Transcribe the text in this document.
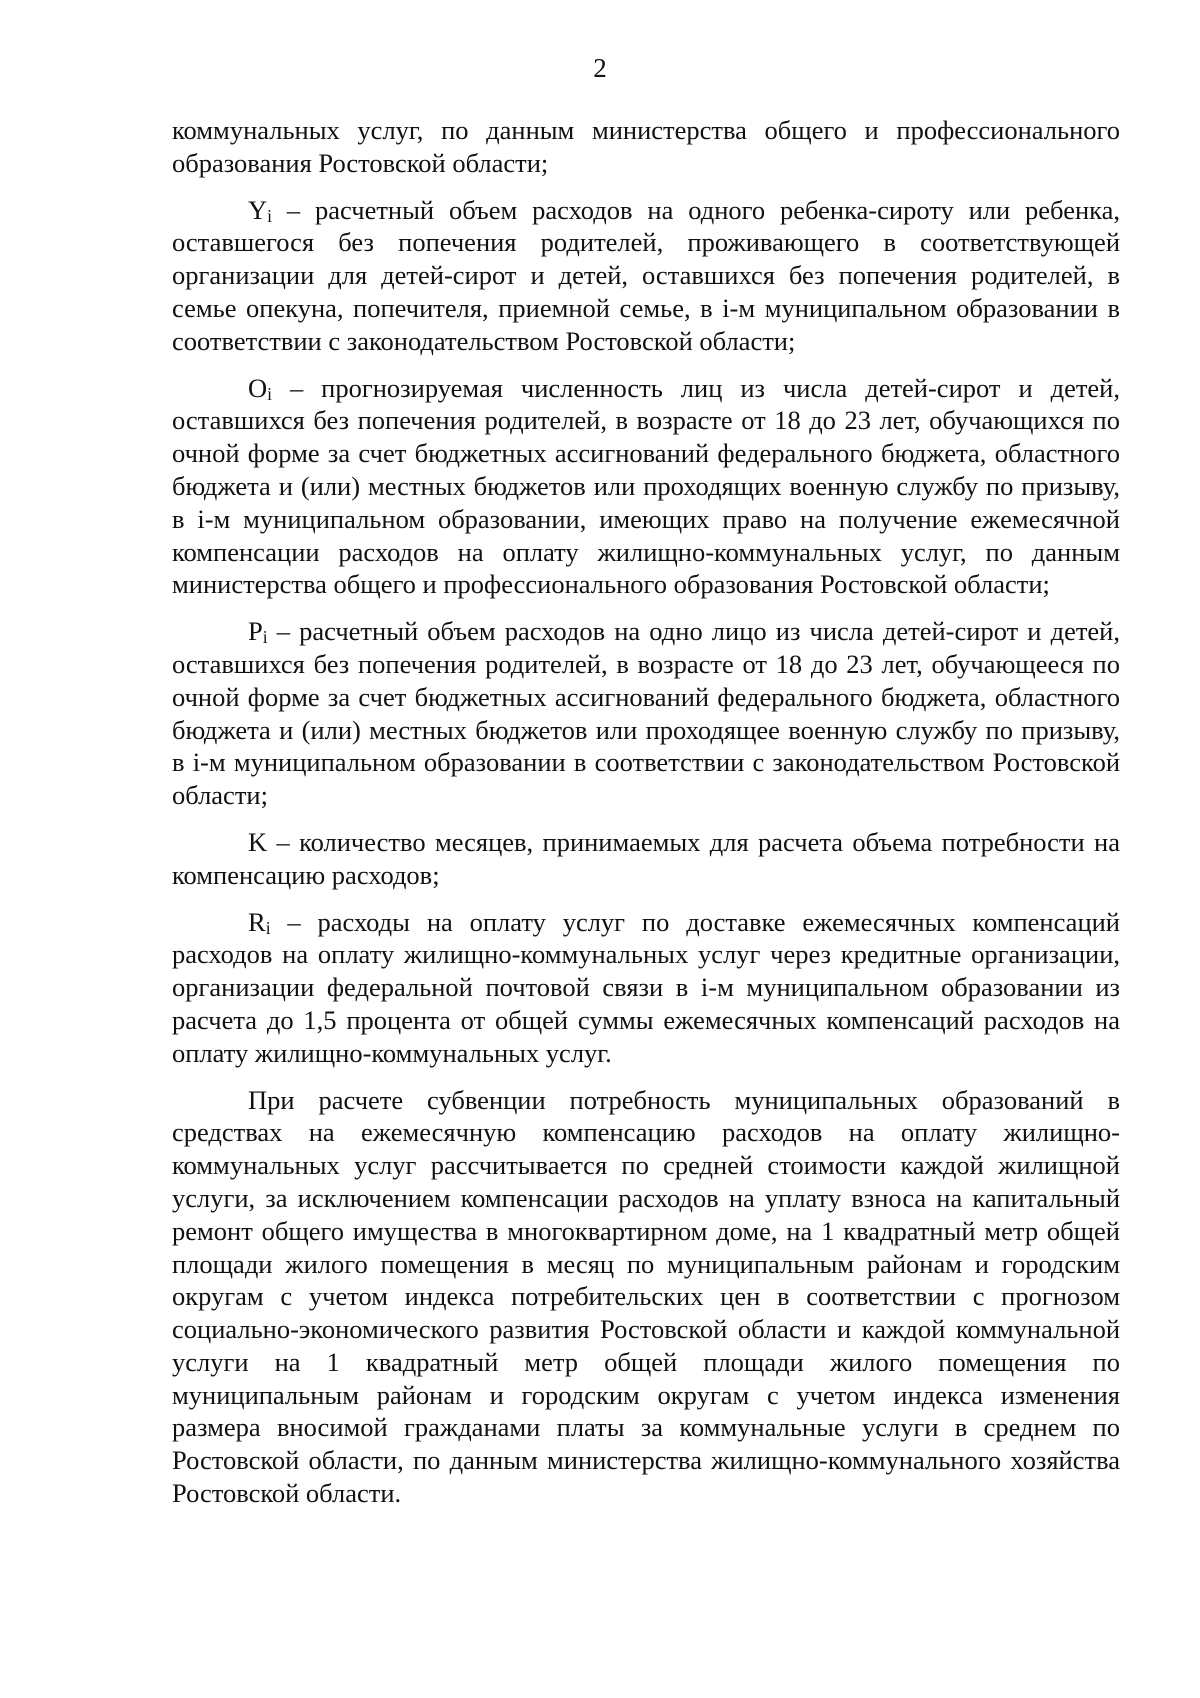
2

коммунальных услуг, по данным министерства общего и профессионального образования Ростовской области;

Yi – расчетный объем расходов на одного ребенка-сироту или ребенка, оставшегося без попечения родителей, проживающего в соответствующей организации для детей-сирот и детей, оставшихся без попечения родителей, в семье опекуна, попечителя, приемной семье, в i-м муниципальном образовании в соответствии с законодательством Ростовской области;

Oi – прогнозируемая численность лиц из числа детей-сирот и детей, оставшихся без попечения родителей, в возрасте от 18 до 23 лет, обучающихся по очной форме за счет бюджетных ассигнований федерального бюджета, областного бюджета и (или) местных бюджетов или проходящих военную службу по призыву, в i-м муниципальном образовании, имеющих право на получение ежемесячной компенсации расходов на оплату жилищно-коммунальных услуг, по данным министерства общего и профессионального образования Ростовской области;

Pi – расчетный объем расходов на одно лицо из числа детей-сирот и детей, оставшихся без попечения родителей, в возрасте от 18 до 23 лет, обучающееся по очной форме за счет бюджетных ассигнований федерального бюджета, областного бюджета и (или) местных бюджетов или проходящее военную службу по призыву, в i-м муниципальном образовании в соответствии с законодательством Ростовской области;

K – количество месяцев, принимаемых для расчета объема потребности на компенсацию расходов;

Ri – расходы на оплату услуг по доставке ежемесячных компенсаций расходов на оплату жилищно-коммунальных услуг через кредитные организации, организации федеральной почтовой связи в i-м муниципальном образовании из расчета до 1,5 процента от общей суммы ежемесячных компенсаций расходов на оплату жилищно-коммунальных услуг.

При расчете субвенции потребность муниципальных образований в средствах на ежемесячную компенсацию расходов на оплату жилищно-коммунальных услуг рассчитывается по средней стоимости каждой жилищной услуги, за исключением компенсации расходов на уплату взноса на капитальный ремонт общего имущества в многоквартирном доме, на 1 квадратный метр общей площади жилого помещения в месяц по муниципальным районам и городским округам с учетом индекса потребительских цен в соответствии с прогнозом социально-экономического развития Ростовской области и каждой коммунальной услуги на 1 квадратный метр общей площади жилого помещения по муниципальным районам и городским округам с учетом индекса изменения размера вносимой гражданами платы за коммунальные услуги в среднем по Ростовской области, по данным министерства жилищно-коммунального хозяйства Ростовской области.
